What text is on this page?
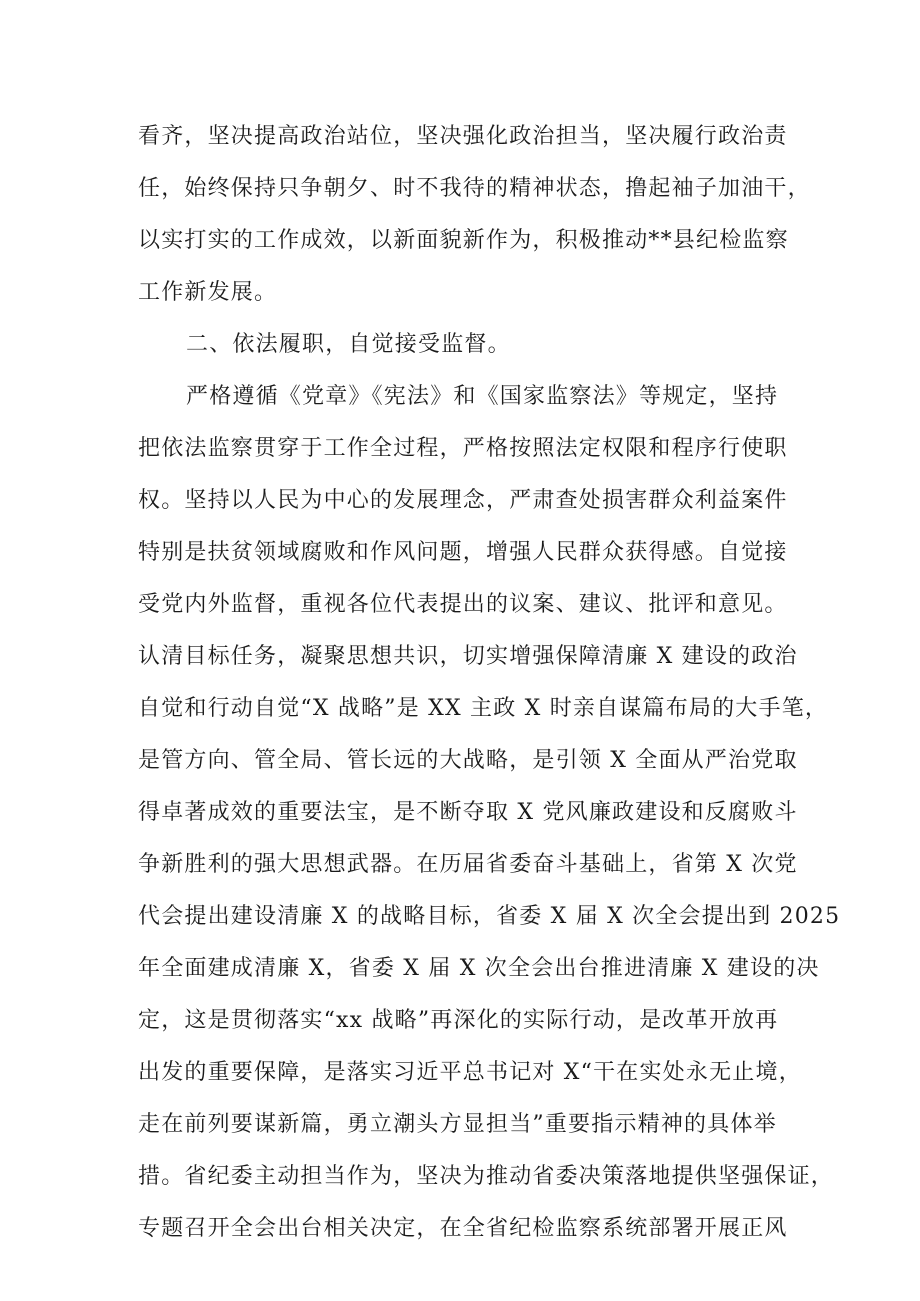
看齐，坚决提高政治站位，坚决强化政治担当，坚决履行政治责
任，始终保持只争朝夕、时不我待的精神状态，撸起袖子加油干，
以实打实的工作成效，以新面貌新作为，积极推动**县纪检监察
工作新发展。
二、依法履职，自觉接受监督。
严格遵循《党章》《宪法》和《国家监察法》等规定，坚持
把依法监察贯穿于工作全过程，严格按照法定权限和程序行使职
权。坚持以人民为中心的发展理念，严肃查处损害群众利益案件
特别是扶贫领域腐败和作风问题，增强人民群众获得感。自觉接
受党内外监督，重视各位代表提出的议案、建议、批评和意见。
认清目标任务，凝聚思想共识，切实增强保障清廉 X 建设的政治
自觉和行动自觉“X 战略”是 XX 主政 X 时亲自谋篇布局的大手笔，
是管方向、管全局、管长远的大战略，是引领 X 全面从严治党取
得卓著成效的重要法宝，是不断夺取 X 党风廉政建设和反腐败斗
争新胜利的强大思想武器。在历届省委奋斗基础上，省第 X 次党
代会提出建设清廉 X 的战略目标，省委 X 届 X 次全会提出到 2025
年全面建成清廉 X，省委 X 届 X 次全会出台推进清廉 X 建设的决
定，这是贯彻落实“xx 战略”再深化的实际行动，是改革开放再
出发的重要保障，是落实习近平总书记对 X“干在实处永无止境，
走在前列要谋新篇，勇立潮头方显担当”重要指示精神的具体举
措。省纪委主动担当作为，坚决为推动省委决策落地提供坚强保证，
专题召开全会出台相关决定，在全省纪检监察系统部署开展正风
